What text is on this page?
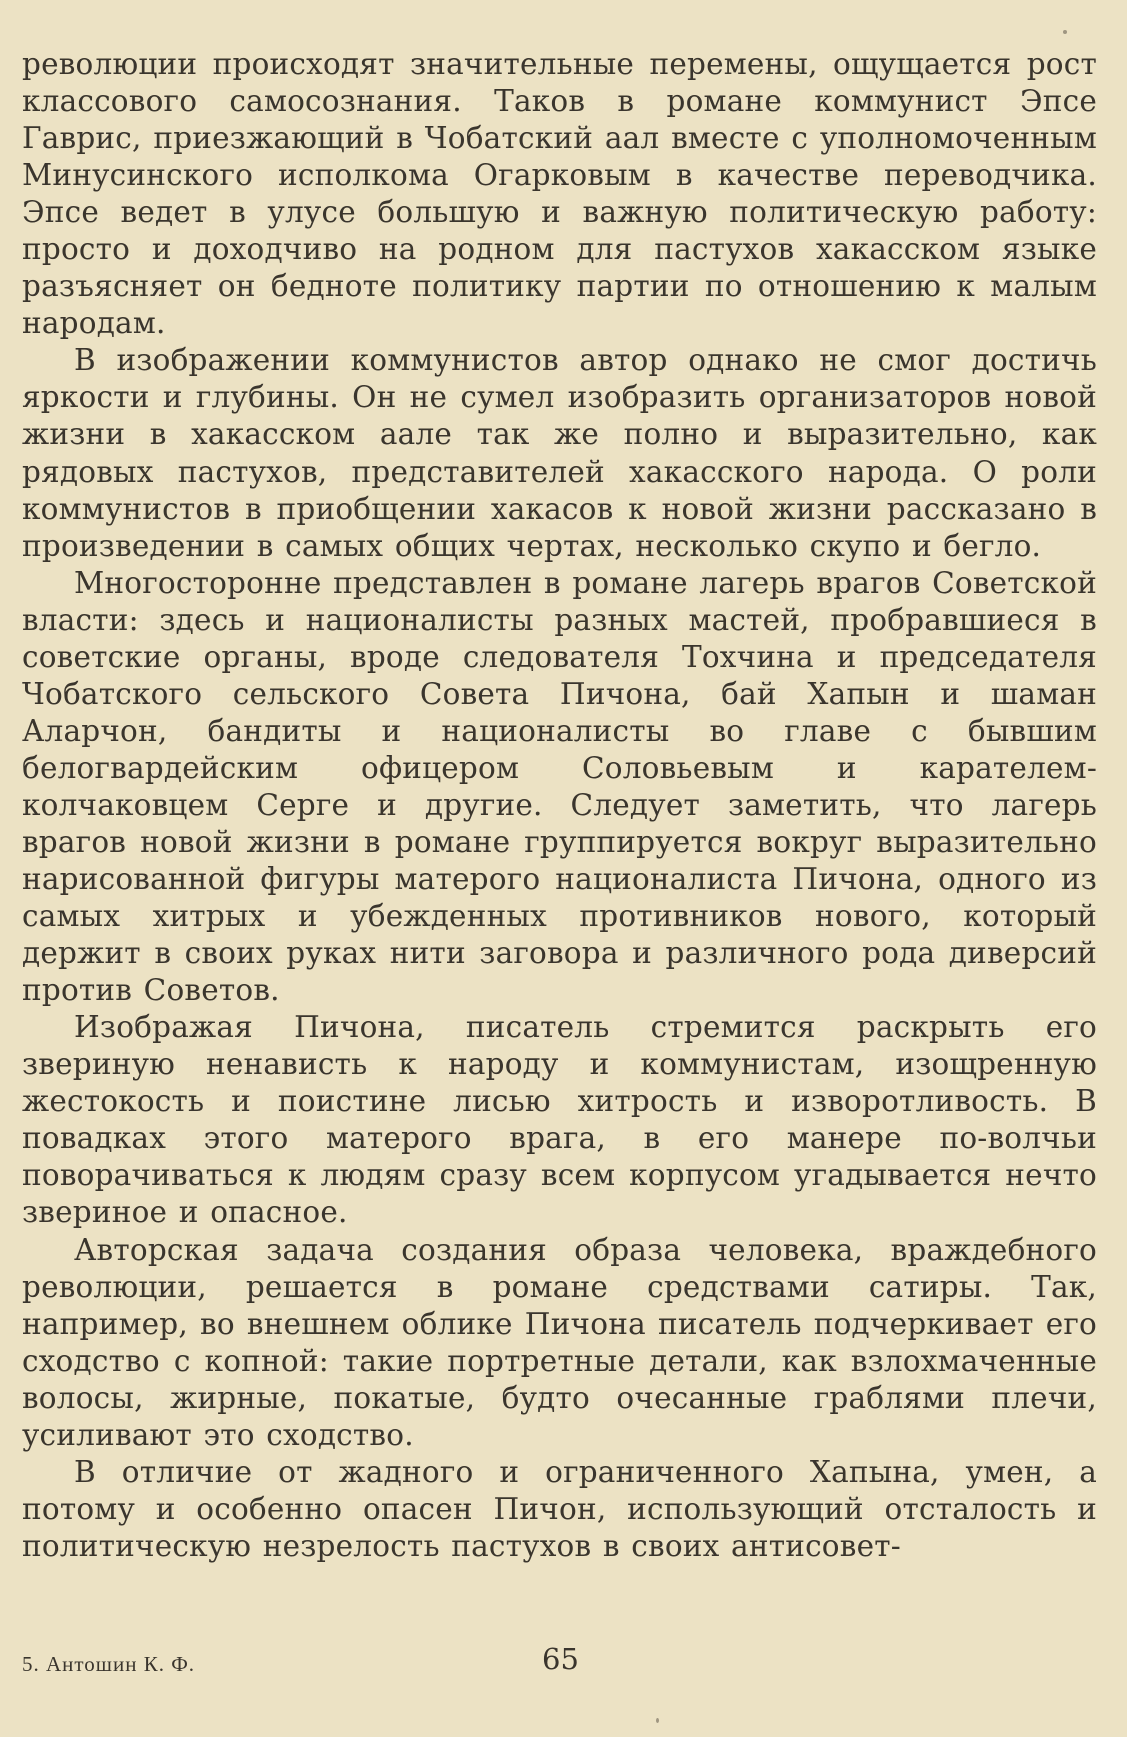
революции происходят значительные перемены, ощущается рост классового самосознания. Таков в романе коммунист Эпсе Гаврис, приезжающий в Чобатский аал вместе с уполномоченным Минусинского исполкома Огарковым в качестве переводчика. Эпсе ведет в улусе большую и важную политическую работу: просто и доходчиво на родном для пастухов хакасском языке разъясняет он бедноте политику партии по отношению к малым народам.

В изображении коммунистов автор однако не смог достичь яркости и глубины. Он не сумел изобразить организаторов новой жизни в хакасском аале так же полно и выразительно, как рядовых пастухов, представителей хакасского народа. О роли коммунистов в приобщении хакасов к новой жизни рассказано в произведении в самых общих чертах, несколько скупо и бегло.

Многосторонне представлен в романе лагерь врагов Советской власти: здесь и националисты разных мастей, пробравшиеся в советские органы, вроде следователя Тохчина и председателя Чобатского сельского Совета Пичона, бай Хапын и шаман Аларчон, бандиты и националисты во главе с бывшим белогвардейским офицером Соловьевым и карателем-колчаковцем Серге и другие. Следует заметить, что лагерь врагов новой жизни в романе группируется вокруг выразительно нарисованной фигуры матерого националиста Пичона, одного из самых хитрых и убежденных противников нового, который держит в своих руках нити заговора и различного рода диверсий против Советов.

Изображая Пичона, писатель стремится раскрыть его звериную ненависть к народу и коммунистам, изощренную жестокость и поистине лисью хитрость и изворотливость. В повадках этого матерого врага, в его манере по-волчьи поворачиваться к людям сразу всем корпусом угадывается нечто звериное и опасное.

Авторская задача создания образа человека, враждебного революции, решается в романе средствами сатиры. Так, например, во внешнем облике Пичона писатель подчеркивает его сходство с копной: такие портретные детали, как взлохмаченные волосы, жирные, покатые, будто очесанные граблями плечи, усиливают это сходство.

В отличие от жадного и ограниченного Хапына, умен, а потому и особенно опасен Пичон, использующий отсталость и политическую незрелость пастухов в своих антисовет-

5. Антошин К. Ф.	65
